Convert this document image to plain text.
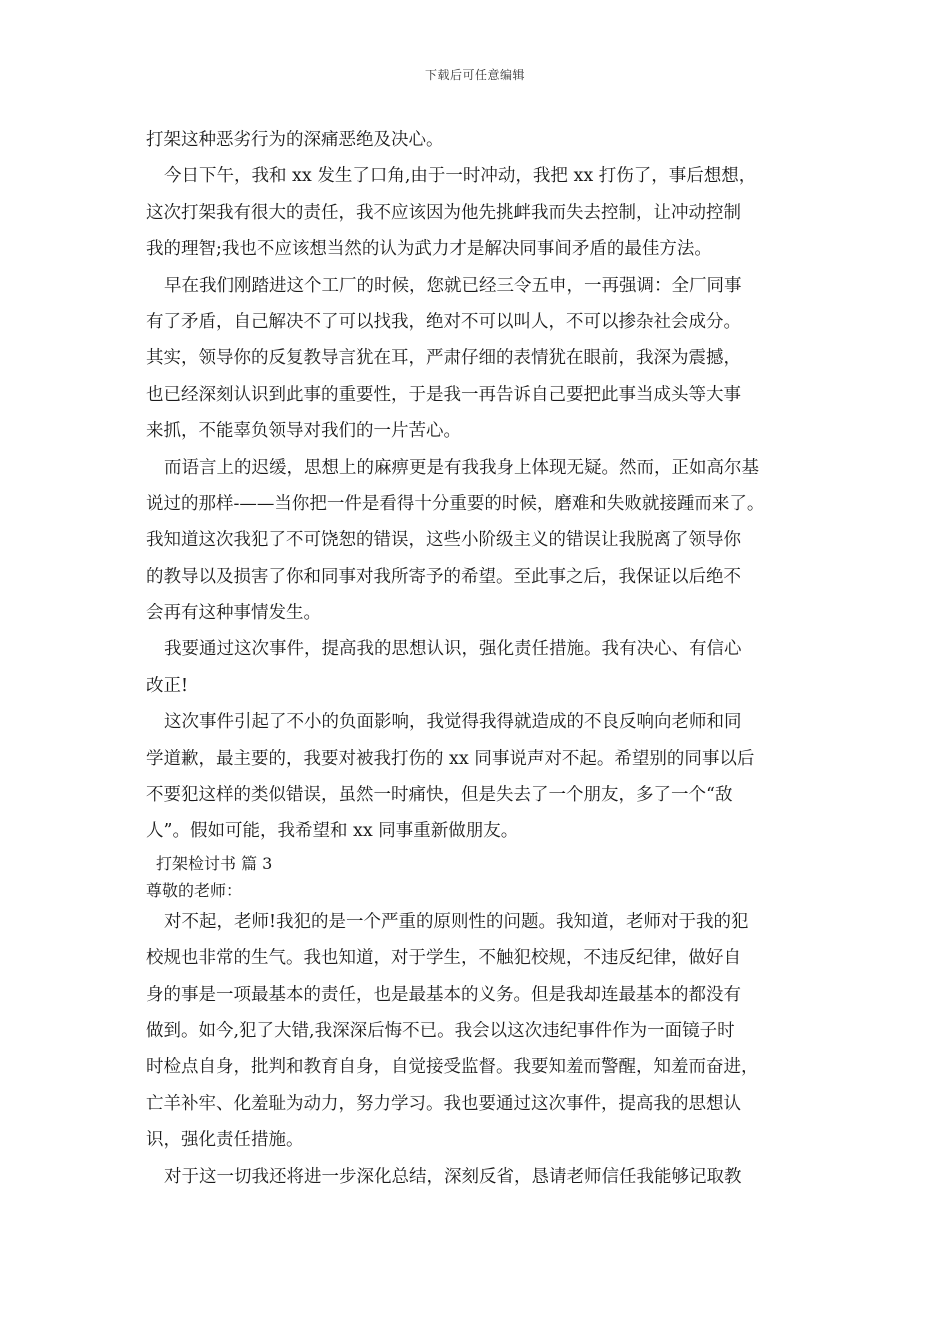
下载后可任意编辑
打架这种恶劣行为的深痛恶绝及决心。
今日下午，我和 xx 发生了口角,由于一时冲动，我把 xx 打伤了，事后想想，
这次打架我有很大的责任，我不应该因为他先挑衅我而失去控制，让冲动控制
我的理智;我也不应该想当然的认为武力才是解决同事间矛盾的最佳方法。
早在我们刚踏进这个工厂的时候，您就已经三令五申，一再强调：全厂同事
有了矛盾，自己解决不了可以找我，绝对不可以叫人，不可以掺杂社会成分。
其实，领导你的反复教导言犹在耳，严肃仔细的表情犹在眼前，我深为震撼，
也已经深刻认识到此事的重要性，于是我一再告诉自己要把此事当成头等大事
来抓，不能辜负领导对我们的一片苦心。
而语言上的迟缓，思想上的麻痹更是有我我身上体现无疑。然而，正如高尔基
说过的那样-——当你把一件是看得十分重要的时候，磨难和失败就接踵而来了。
我知道这次我犯了不可饶恕的错误，这些小阶级主义的错误让我脱离了领导你
的教导以及损害了你和同事对我所寄予的希望。至此事之后，我保证以后绝不
会再有这种事情发生。
我要通过这次事件，提高我的思想认识，强化责任措施。我有决心、有信心
改正!
这次事件引起了不小的负面影响，我觉得我得就造成的不良反响向老师和同
学道歉，最主要的，我要对被我打伤的 xx 同事说声对不起。希望别的同事以后
不要犯这样的类似错误，虽然一时痛快，但是失去了一个朋友，多了一个“敌
人”。假如可能，我希望和 xx 同事重新做朋友。
打架检讨书 篇 3
尊敬的老师：
对不起，老师!我犯的是一个严重的原则性的问题。我知道，老师对于我的犯
校规也非常的生气。我也知道，对于学生，不触犯校规，不违反纪律，做好自
身的事是一项最基本的责任，也是最基本的义务。但是我却连最基本的都没有
做到。如今,犯了大错,我深深后悔不已。我会以这次违纪事件作为一面镜子时
时检点自身，批判和教育自身，自觉接受监督。我要知羞而警醒，知羞而奋进，
亡羊补牢、化羞耻为动力，努力学习。我也要通过这次事件，提高我的思想认
识，强化责任措施。
对于这一切我还将进一步深化总结，深刻反省，恳请老师信任我能够记取教
